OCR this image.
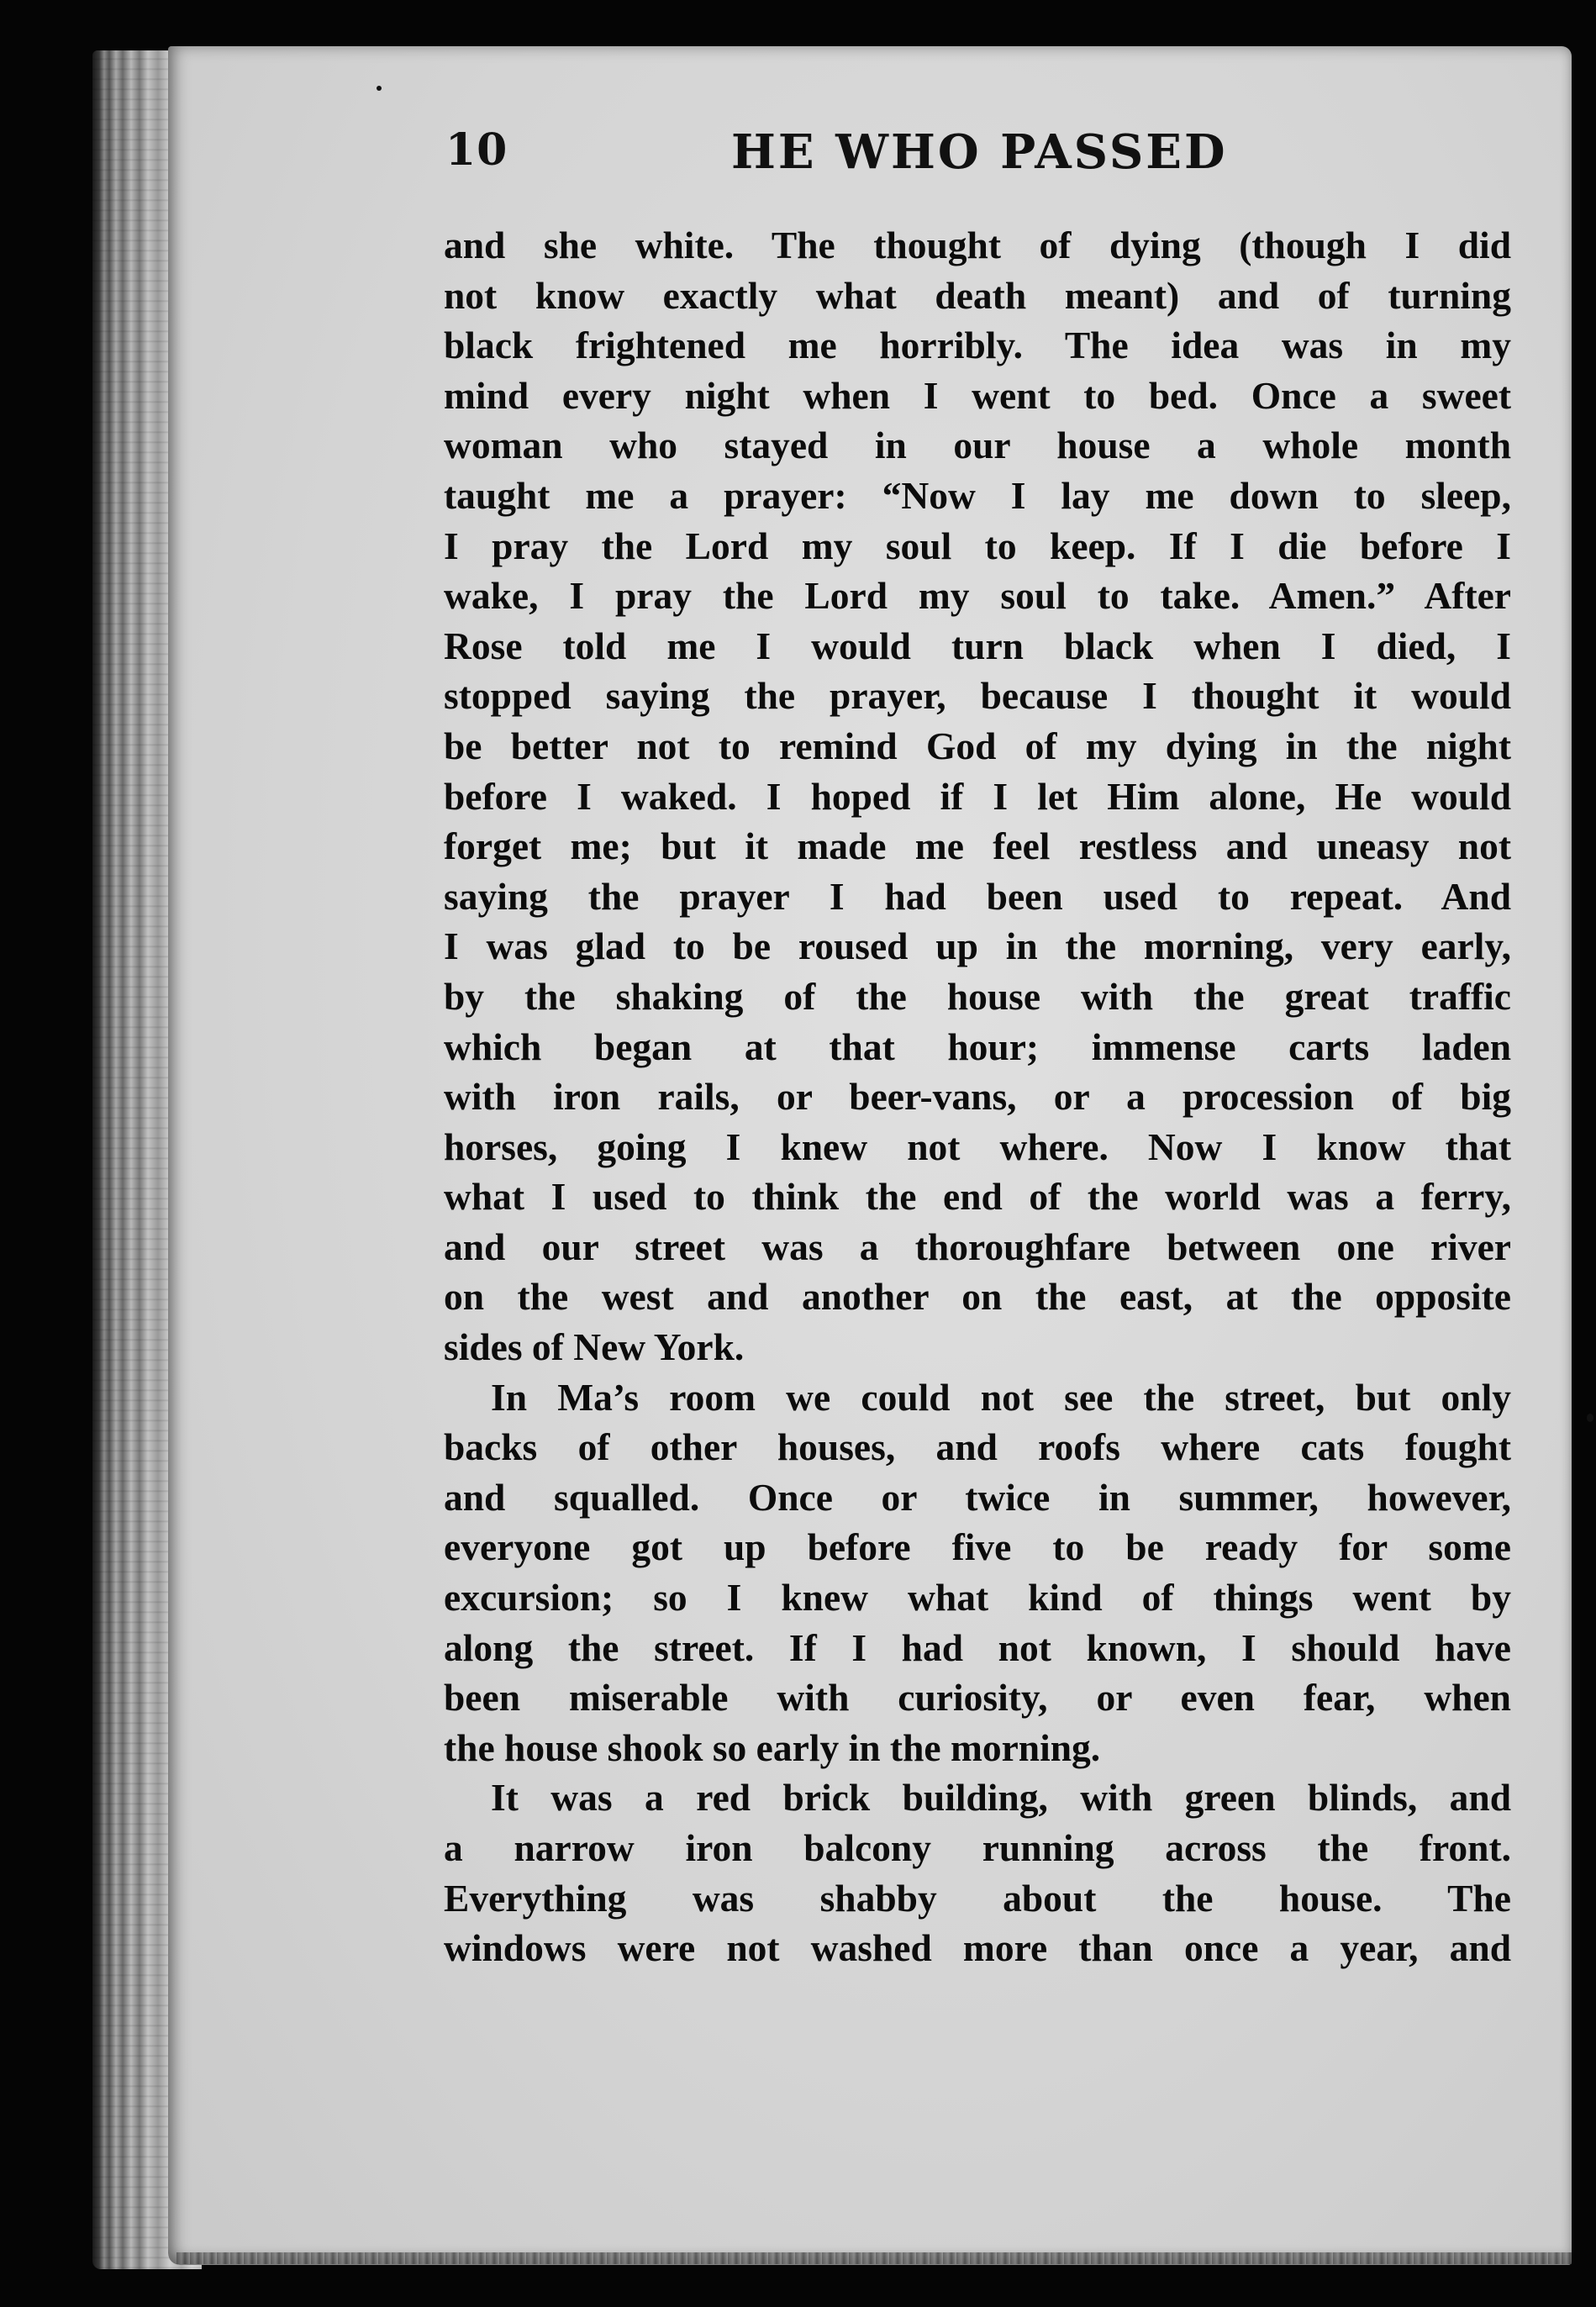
10	HE WHO PASSED
and she white. The thought of dying (though I did
not know exactly what death meant) and of turning
black frightened me horribly. The idea was in my
mind every night when I went to bed. Once a sweet
woman who stayed in our house a whole month
taught me a prayer: “Now I lay me down to sleep,
I pray the Lord my soul to keep. If I die before I
wake, I pray the Lord my soul to take. Amen.” After
Rose told me I would turn black when I died, I
stopped saying the prayer, because I thought it would
be better not to remind God of my dying in the night
before I waked. I hoped if I let Him alone, He would
forget me; but it made me feel restless and uneasy not
saying the prayer I had been used to repeat. And
I was glad to be roused up in the morning, very early,
by the shaking of the house with the great traffic
which began at that hour; immense carts laden
with iron rails, or beer-vans, or a procession of big
horses, going I knew not where. Now I know that
what I used to think the end of the world was a ferry,
and our street was a thoroughfare between one river
on the west and another on the east, at the opposite
sides of New York.
In Ma’s room we could not see the street, but only
backs of other houses, and roofs where cats fought
and squalled. Once or twice in summer, however,
everyone got up before five to be ready for some
excursion; so I knew what kind of things went by
along the street. If I had not known, I should have
been miserable with curiosity, or even fear, when
the house shook so early in the morning.
It was a red brick building, with green blinds, and
a narrow iron balcony running across the front.
Everything was shabby about the house. The
windows were not washed more than once a year, and
